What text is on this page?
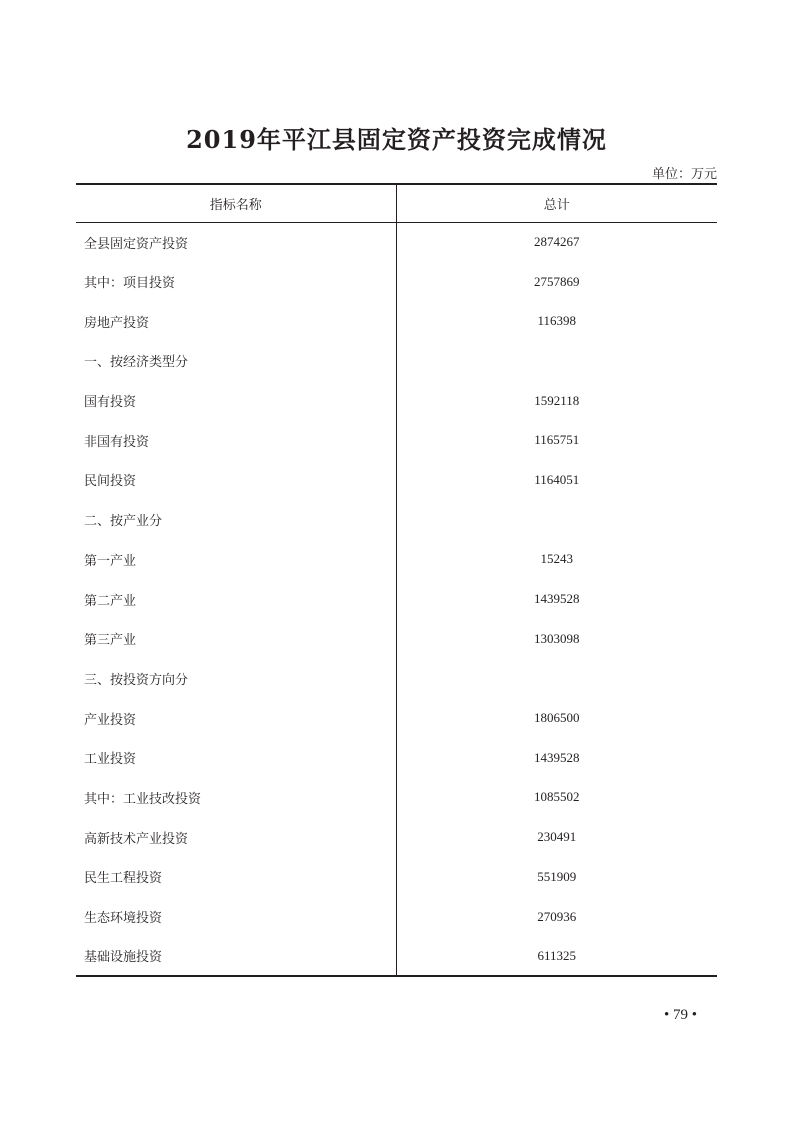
2019年平江县固定资产投资完成情况
单位：万元
指标名称	总计
全县固定资产投资	2874267
其中：项目投资	2757869
房地产投资	116398
一、按经济类型分	
国有投资	1592118
非国有投资	1165751
民间投资	1164051
二、按产业分	
第一产业	15243
第二产业	1439528
第三产业	1303098
三、按投资方向分	
产业投资	1806500
工业投资	1439528
其中：工业技改投资	1085502
高新技术产业投资	230491
民生工程投资	551909
生态环境投资	270936
基础设施投资	611325
• 79 •
